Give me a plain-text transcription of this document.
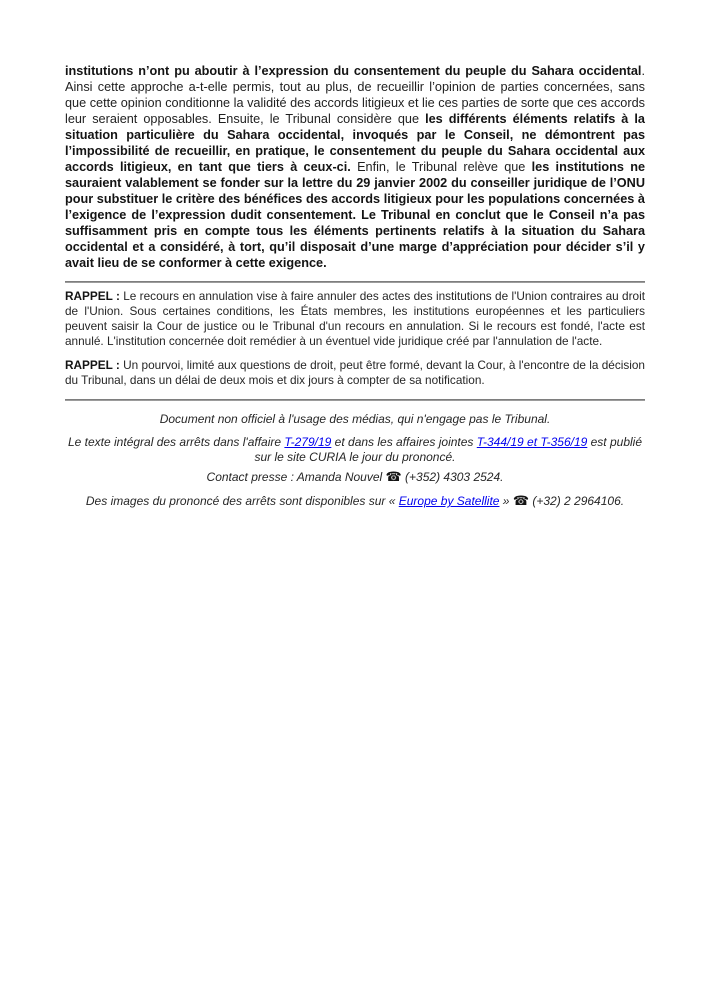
institutions n’ont pu aboutir à l’expression du consentement du peuple du Sahara occidental. Ainsi cette approche a-t-elle permis, tout au plus, de recueillir l’opinion de parties concernées, sans que cette opinion conditionne la validité des accords litigieux et lie ces parties de sorte que ces accords leur seraient opposables. Ensuite, le Tribunal considère que les différents éléments relatifs à la situation particulière du Sahara occidental, invoqués par le Conseil, ne démontrent pas l’impossibilité de recueillir, en pratique, le consentement du peuple du Sahara occidental aux accords litigieux, en tant que tiers à ceux-ci. Enfin, le Tribunal relève que les institutions ne sauraient valablement se fonder sur la lettre du 29 janvier 2002 du conseiller juridique de l’ONU pour substituer le critère des bénéfices des accords litigieux pour les populations concernées à l’exigence de l’expression dudit consentement. Le Tribunal en conclut que le Conseil n’a pas suffisamment pris en compte tous les éléments pertinents relatifs à la situation du Sahara occidental et a considéré, à tort, qu’il disposait d’une marge d’appréciation pour décider s’il y avait lieu de se conformer à cette exigence.

RAPPEL : Le recours en annulation vise à faire annuler des actes des institutions de l'Union contraires au droit de l'Union. Sous certaines conditions, les États membres, les institutions européennes et les particuliers peuvent saisir la Cour de justice ou le Tribunal d'un recours en annulation. Si le recours est fondé, l'acte est annulé. L'institution concernée doit remédier à un éventuel vide juridique créé par l'annulation de l'acte.

RAPPEL : Un pourvoi, limité aux questions de droit, peut être formé, devant la Cour, à l'encontre de la décision du Tribunal, dans un délai de deux mois et dix jours à compter de sa notification.

Document non officiel à l'usage des médias, qui n'engage pas le Tribunal.

Le texte intégral des arrêts dans l'affaire T-279/19 et dans les affaires jointes T-344/19 et T-356/19 est publié sur le site CURIA le jour du prononcé.

Contact presse : Amanda Nouvel ☎ (+352) 4303 2524.

Des images du prononcé des arrêts sont disponibles sur « Europe by Satellite » ☎ (+32) 2 2964106.
